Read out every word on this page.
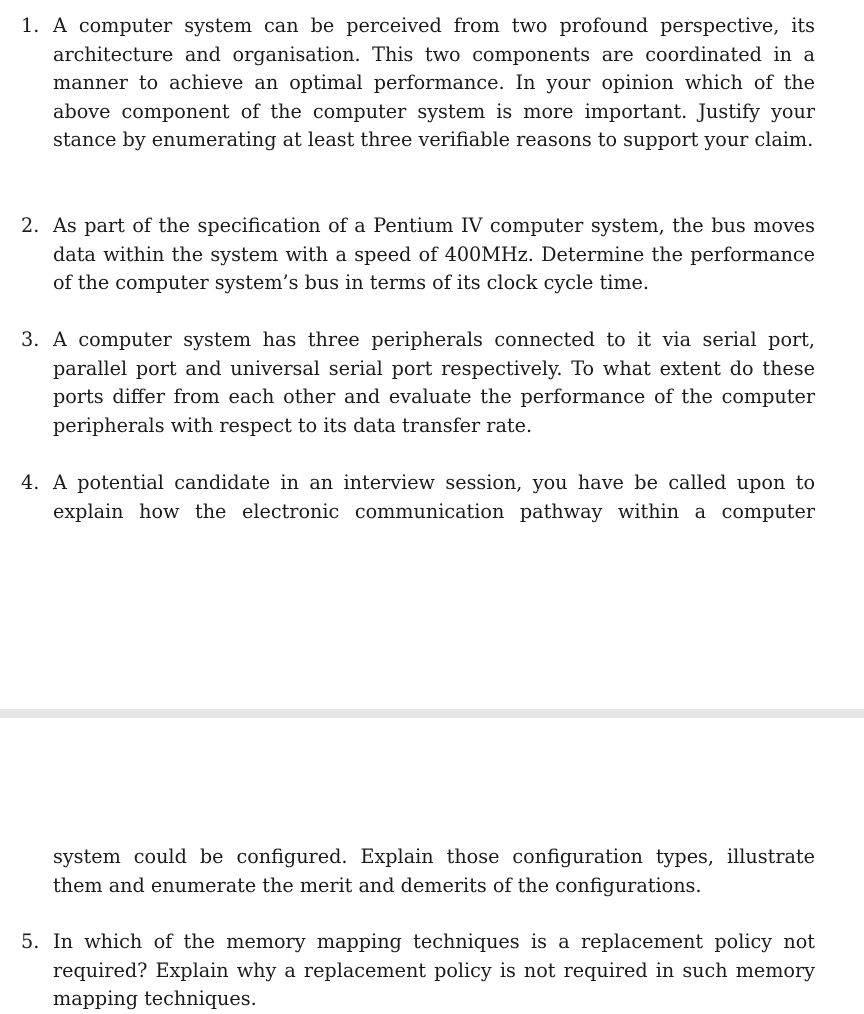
1. A computer system can be perceived from two profound perspective, its architecture and organisation. This two components are coordinated in a manner to achieve an optimal performance. In your opinion which of the above component of the computer system is more important. Justify your stance by enumerating at least three verifiable reasons to support your claim.
2. As part of the specification of a Pentium IV computer system, the bus moves data within the system with a speed of 400MHz. Determine the performance of the computer system’s bus in terms of its clock cycle time.
3. A computer system has three peripherals connected to it via serial port, parallel port and universal serial port respectively. To what extent do these ports differ from each other and evaluate the performance of the computer peripherals with respect to its data transfer rate.
4. A potential candidate in an interview session, you have be called upon to explain how the electronic communication pathway within a computer
system could be configured. Explain those configuration types, illustrate them and enumerate the merit and demerits of the configurations.
5. In which of the memory mapping techniques is a replacement policy not required? Explain why a replacement policy is not required in such memory mapping techniques.
